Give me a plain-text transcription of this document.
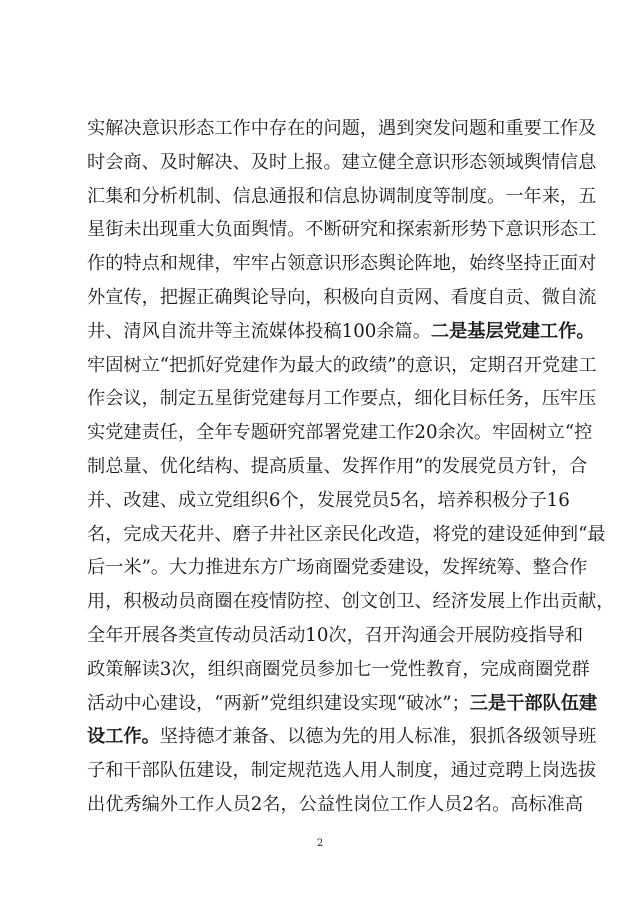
实解决意识形态工作中存在的问题，遇到突发问题和重要工作及
时会商、及时解决、及时上报。建立健全意识形态领域舆情信息
汇集和分析机制、信息通报和信息协调制度等制度。一年来，五
星街未出现重大负面舆情。不断研究和探索新形势下意识形态工
作的特点和规律，牢牢占领意识形态舆论阵地，始终坚持正面对
外宣传，把握正确舆论导向，积极向自贡网、看度自贡、微自流
井、清风自流井等主流媒体投稿100余篇。二是基层党建工作。
牢固树立“把抓好党建作为最大的政绩”的意识，定期召开党建工
作会议，制定五星街党建每月工作要点，细化目标任务，压牢压
实党建责任，全年专题研究部署党建工作20余次。牢固树立“控
制总量、优化结构、提高质量、发挥作用”的发展党员方针，合
并、改建、成立党组织6个，发展党员5名，培养积极分子16
名，完成天花井、磨子井社区亲民化改造，将党的建设延伸到“最
后一米”。大力推进东方广场商圈党委建设，发挥统筹、整合作
用，积极动员商圈在疫情防控、创文创卫、经济发展上作出贡献，
全年开展各类宣传动员活动10次，召开沟通会开展防疫指导和
政策解读3次，组织商圈党员参加七一党性教育，完成商圈党群
活动中心建设，“两新”党组织建设实现“破冰”；三是干部队伍建
设工作。坚持德才兼备、以德为先的用人标准，狠抓各级领导班
子和干部队伍建设，制定规范选人用人制度，通过竞聘上岗选拔
出优秀编外工作人员2名，公益性岗位工作人员2名。高标准高
2
